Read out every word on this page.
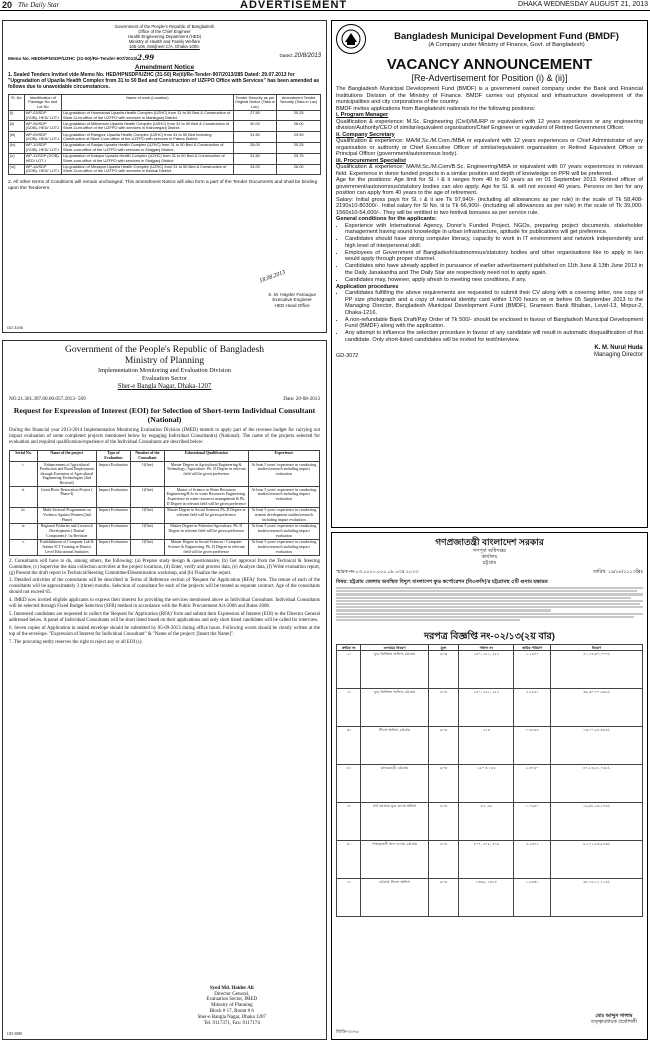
20 The Daily Star	ADVERTISEMENT	DHAKA WEDNESDAY AUGUST 21, 2013
Government of the People's Republic of Bangladesh
Office of the Chief Engineer
Health Engineering Department (HED)
Ministry of Health and Family Welfare
105-106, Motijheel C/A, Dhaka-1000.
Memo No. HED/HPNSDP/UZHC (31-50)/Re-Tender-907/2013/2.99	Dated: 20/8/2013
Amendment Notice
1. Sealed Tenders Invited vide Memo No. HED/HPNSDP/UZHC (31-50) Re(ii)/Re-Tender-907/2013/285 Dated: 29.07.2013 for "Upgradation of Upazila Health Complex from 31 to 50 Bed and Construction of UZFPO Office with Services" has been amended as follows due to unavoidable circumstances.
Sl. No	Identification of Package No and Lot No	Name of work (Location)	Tender Security as per Original Notice (Taka in Lac)	Amendment Tender Security (Taka in Lac)
(i)	WP-03/SDP (GOB)- HED/ LOT-I	Up-gradation of Homnabad Upazila Health Complex (UZHC) from 31 to 50 Bed & Construction of Store-Cum-office of the UZFPO with services in Manikganj District.	27.50	25.25
(ii)	WP-06/SDP (GOB)- HED/ LOT-I	Up-gradation of Mithamoin Upazila Health Complex (UZHC) from 31 to 50 Bed & Construction of Store-Cum-office of the UZFPO with services in Kishoreganj District.	30.00	28.00
(iii)	WP-09/SDP (GOB)- HED/ LOT-I	Up-gradation of Rangpur Upazila Health Complex (UZHC) from 31 to 50 Bed including Construction of Store-Cum-office of the UZFPO with services in Pabna District.	31.50	29.50
(iv)	WP-10/SDP (GOB)- HED/ LOT-I	Up-gradation of Raojan Upazila Health Complex (UZHC) from 31 to 50 Bed & Construction of Store-cum-office of the UZFPO with services in Sirajganj District.	28.00	25.25
(v)	WP-11/SDP (GOB)- HED/ LOT-I	Up-gradation of Kalapur Upazila Health Complex (UZHC) from 31 to 50 Bed & Construction of Store-cum-office of the UZFPO with services in Sirajganj District.	31.50	29.75
(vi)	WP-16/SDP (GOB)- HED/ LOT-I	Up-gradation of Mirzapur Upazila Health Complex (UZHC) from 31 to 50 Bed & Construction of Store-Cum-office of the UZFPO with services in Barisal District.	33.00	26.00
2. All other terms of Conditions will remain unchanged. This amendment Notice will also form a part of the Tender Documents and shall be binding upon the Tenderers.
18.08.2013
S. M. Hayder Farouque
Executive Engineer
HED Head Office
GD 3195
Government of the People's Republic of Bangladesh
Ministry of Planning
Implementation Monitoring and Evaluation Division
Evaluation Sector
Sher-e Bangla Nagar, Dhaka-1207
NO.21.301.397.00.00.057.2013- 569	Date: 20-08-2013
Request for Expression of Interest (EOI) for Selection of Short-term Individual Consultant (National)
During the financial year 2013-2014 Implementation Monitoring Evaluation Division (IMED) intends to apply part of the revenue budget for carrying out impact evaluation of some completed projects mentioned below by engaging Individual Consultant(s) (National). The name of the projects selected for evaluation and required qualification/experience of the Individual Consultants are described below:
Serial No.	Name of the project	Type of Evaluation	Number of the Consultant	Educational Qualification	Experience
i.	Enhancement of Agricultural Production and Rural Employment through Extension of Agricultural Engineering Technologies (2nd Revised)	Impact Evaluation	1(One)	Master Degree in Agricultural Engineering & Technology /Agriculture. Ph. D Degree in relevant field will be given preference	At least 5 years' experience in conducting studies/research including impact evaluation
ii.	Gorai River Restoration Project ( Phase-I)	Impact Evaluation	1(One)	Master of Science in Water Resources Engineering/B.Sc in water Resources Engineering. Experience in water resources management & Ph. D Degree in relevant field will be given preference	At least 5 years' experience in conducting studies/research including impact evaluation
iii.	Multi-Sectoral Programmes on Violence Against Women (2nd Phase)	Impact Evaluation	1(One)	Master Degree in Social Sciences Ph. D Degree in relevant field will be given preference	At least 5 years' experience in conducting women development studies/research including impact evaluation
iv.	Regional Fisheries and Livestock Development ( Barisal Component)- 1st Revision	Impact Evaluation	1(One)	Master Degree in Fisheries/Agriculture. Ph. D Degree in relevant field will be given preference	At least 5 years' experience in conducting studies/research including impact evaluation
v.	Establishment of Computer Lab & Initiate ICT Training in District Level Educational Institutes	Impact Evaluation	1(One)	Master Degree in Social Sciences / Computer Science & Engineering. Ph. D Degree in relevant field will be given preference	At least 5 years' experience in conducting studies/research including impact evaluation
2. Consultants will have to do, among others, the following: (a) Prepare study design & questionnaire, (b) Get approval from the Technical & Steering Committee, (c) Supervise the data collection activities at the project locations, (d) Enter, verify and process data, (e) Analyze data, (f) Write evaluation report, (g) Present the draft report in Technical/Steering Committee/Dissemination workshop, and (h) Finalize the report.
3. Detailed activities of the consultants will be described in Terms of Reference section of 'Request for Application (RFA)' form. The tenure of each of the consultants will be approximately 3 (three) months. Selection of consultant for each of the projects will be treated as separate contract. Age of the consultants should not exceed 65.
4. IMED now invited eligible applicants to express their interest for providing the services mentioned above as Individual Consultant. Individual Consultants will be selected through Fixed Budget Selection (SFB) method in accordance with the Public Procurement Act-2006 and Rules-2008.
5. Interested candidates are requested to collect the 'Request for Application (RFA)' form and submit their Expression of Interest (EOI) to the Director General addressed below. A panel of Individual Consultants will be short listed based on their applications and only short listed candidates will be called for interview.
6. Seven copies of Application in sealed envelope should be submitted by 05-09-2013 during office hours. Following words should be clearly written at the top of the envelope. "Expression of Interest for Individual Consultant" & "Name of the project: [Insert the Name]".
7. The procuring entity reserves the right to reject any or all EOI (s).
Syed Md. Haider Ali
Director General,
Evaluation Sector, IMED
Ministry of Planning
Block # 17, Room # 6
Sher-e Bangla Nagar, Dhaka 1207
Tel. 9117371, Fax: 9117174
GD-3080
Bangladesh Municipal Development Fund (BMDF)
(A Company under Ministry of Finance, Govt. of Bangladesh)
VACANCY ANNOUNCEMENT
[Re-Advertisement for Position (i) & (ii)]
The Bangladesh Municipal Development Fund (BMDF) is a government owned company under the Bank and Financial Institutions Division of the Ministry of Finance. BMDF carries out physical and infrastructure development of the municipalities and city corporations of the country.
BMDF invites applications from Bangladeshi nationals for the following positions:
i. Program Manager
Qualification & experience: M.Sc. Engineering (Civil)/MURP or equivalent with 12 years experiences or any engineering division/Authority/CEO of similar/equivalent organisation/Chief Engineer or equivalent of Retired Government Officer.
ii. Company Secretary
Qualification & experience: MA/M.Sc./M.Com./MBA or equivalent with 12 years experiences or Chief Administrator of any organisation or authority or Chief Executive Officer of similar/equivalent organisation or Retired Equivalent Officer or Principal Officer (government/autonomous body).
iii. Procurement Specialist
Qualification & experience: MA/M.Sc./M.Com/B.Sc. Engineering/MBA or equivalent with 07 years experiences in relevant field. Experience in donor funded projects in a similar position and depth of knowledge on PPR will be preferred.
Age for the positions: Age limit for Sl. i & ii ranges from 40 to 60 years as on 01 September 2013. Retired officer of government/autonomous/statutory bodies can also apply. Age for Sl. iii. will not exceed 40 years. Persons on lien for any position can apply from 40 years to the age of retirement.
Salary: Initial gross pays for Sl. i & ii are Tk 97,940/- (including all allowances as per rule) in the scale of Tk 58,408-2190x10-80300/-. Initial salary for Sl No. iii is Tk 66,900/- (including all allowances as per rule) in the scale of Tk 39,000-1560x10-54,600/-. They will be entitled to two festival bonuses as per service rule.
General conditions for the applicants:
• Experience with International Agency, Donor's Funded Project, NGOs, preparing project documents, stakeholder management having sound knowledge in urban infrastructure, aptitude for publications will get preference.
• Candidates should have strong computer literacy, capacity to work in IT environment and network independently and high level of interpersonal skill.
• Employees of Government of Bangladesh/autonomous/statutory bodies and other organisations like to apply in lien would apply through proper channel.
• Candidates who have already applied in pursuance of earlier advertisement published on 11th June & 13th June 2013 in the Daily Janakantha and The Daily Star are respectively need not to apply again.
• Candidates may, however, apply afresh to meeting new conditions, if any.
Application procedures
• Candidates fulfilling the above requirements are requested to submit their CV along with a covering letter, one copy of PP size photograph and a copy of national identity card within 1700 hours on or before 05 September 2013 to the Managing Director, Bangladesh Municipal Development Fund (BMDF), Grameen Bank Bhaban, Level-13, Mirpur-2, Dhaka-1216.
• A non-refundable Bank Draft/Pay Order of Tk 500/- should be enclosed in favour of Bangladesh Municipal Development Fund (BMDF) along with the application.
• Any attempt to influence the selection procedure in favour of any candidate will result in automatic disqualification of that candidate. Only short-listed candidates will be invited for test/interview.
GD-3072
K. M. Nurul Huda
Managing Director
গণপ্রজাতন্ত্রী বাংলাদেশ সরকার
গণপূর্ত অধিদপ্তর
কার্যালয়
চট্টগ্রাম
স্মারক নং-০৩.০০০০.০০০.০৮.০৩৫.২০১৩	তারিখ: ১৯/০৮/২০১৩খ্রিঃ
বিষয়: চট্টগ্রাম জেলায় অবস্থিত বিদ্যুৎ বাংলাদেশ ফুড কর্পোরেশন (বিএফসি)'র চট্টগ্রামস্থ ৫টি গুদাম হস্তান্তর
দরপত্র বিজ্ঞপ্তি নং-০২/১৩(২য় বার)
ক্রমিক নং	গুদামের বিবরণ	মূল্য	দলিল নং	জমির পরিমাণ	বিবরণ
১।	ফুড ডিভিশন অফিস, চট্টগ্রাম	৬০৩	২৫০, ২৫১, ২৫২	১.২৪০০	৫১,০৪,৩০,০০০/-
২।	ফুড ডিভিশন অফিস, চট্টগ্রাম	৬০৩	২৫০, ২৫১, ২৫২	২.৫৪৫১	৩৯,৩০,০০,৫৬৮/-
৩।	টিএস অফিস, চট্টগ্রাম	৬০৩	২২৪	০.৩২৪৪	১৩,০০,৫৫,৪৪৪/-
৪।	মাদারবাড়ী, চট্টগ্রাম	৬০৩	১৬০ ও ১৪৫	২.৩৭৫০	৪৭,১৩,৫১,০৫৮/-
৫।	নর্থ জোয়ার ফুড গুদাম অফিস	৬০৩	৬৭, ৬৮	১.০৬৪০	১৬,৪৮,২৬,১৭৪/-
৬।	পাহাড়তলী খাদ্য গুদাম, চট্টগ্রাম	৬০৩	৫০৭, ৫০৮, ৫০৯	২.২৩৭২	৪২,০২,৮৩,৮৫৩/-
৭।	চট্টগ্রাম সিলো অফিস	৬০৩	১৩৮৯, ১৪৮৫	১.৯৩৩১	৩৫,০৯,১১,১১৪/-
মোঃ আব্দুস সালাম
তত্ত্বাবধায়ক প্রকৌশলী
জিডি-৩০৭৫
